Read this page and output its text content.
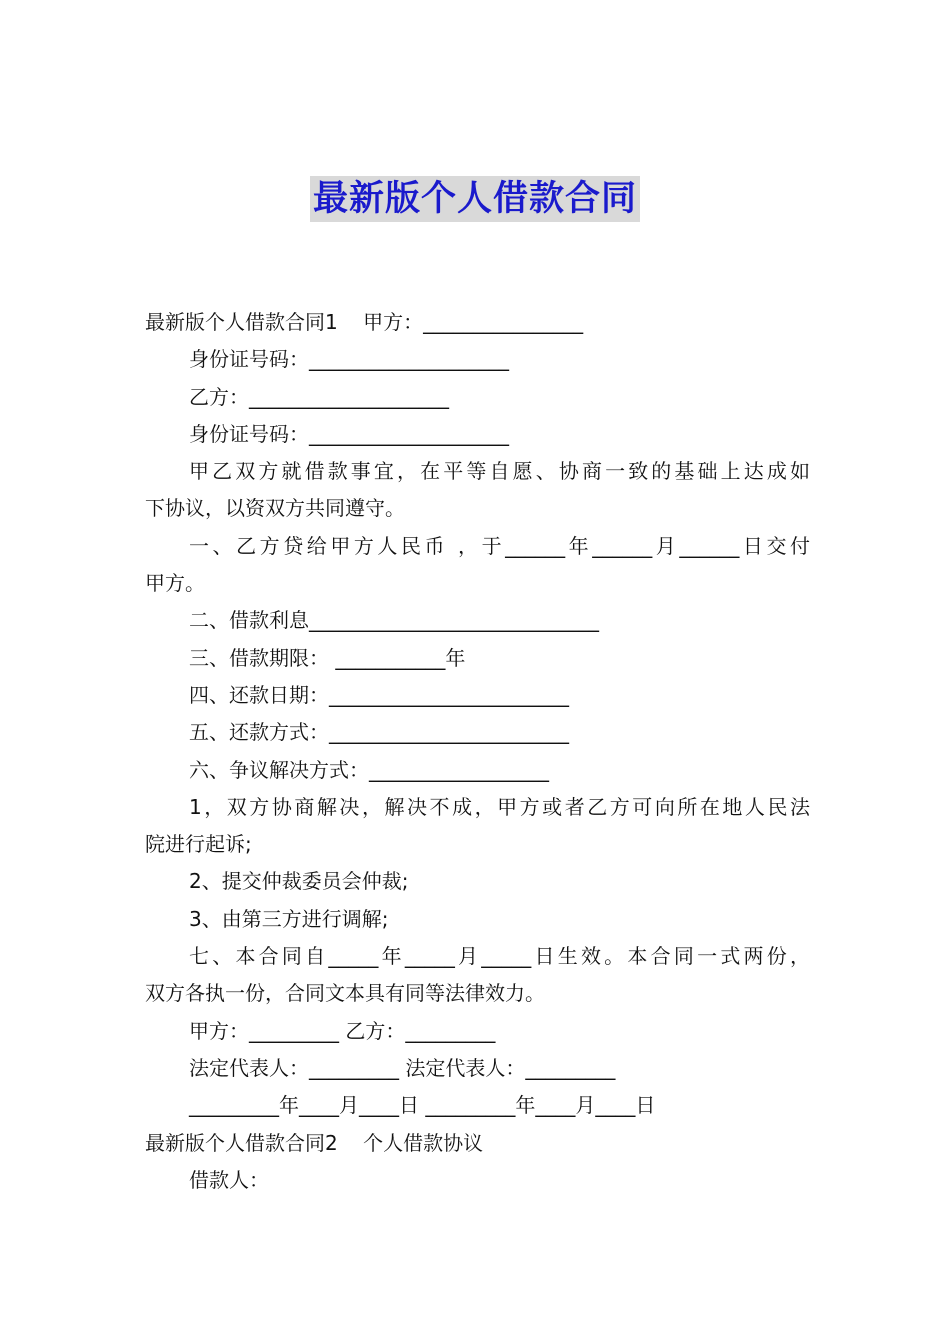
最新版个人借款合同
最新版个人借款合同1    甲方：________________
身份证号码：____________________
乙方：____________________
身份证号码：____________________
甲乙双方就借款事宜，在平等自愿、协商一致的基础上达成如
下协议，以资双方共同遵守。
一、乙方贷给甲方人民币 ，于______年______月______日交付
甲方。
二、借款利息_____________________________
三、借款期限： ___________年
四、还款日期：________________________
五、还款方式：________________________
六、争议解决方式：__________________
1，双方协商解决，解决不成，甲方或者乙方可向所在地人民法
院进行起诉;
2、提交仲裁委员会仲裁;
3、由第三方进行调解;
七、本合同自_____年_____月_____日生效。本合同一式两份，
双方各执一份，合同文本具有同等法律效力。
甲方：_________ 乙方：_________
法定代表人：_________ 法定代表人：_________
_________年____月____日 _________年____月____日
最新版个人借款合同2    个人借款协议
借款人：
